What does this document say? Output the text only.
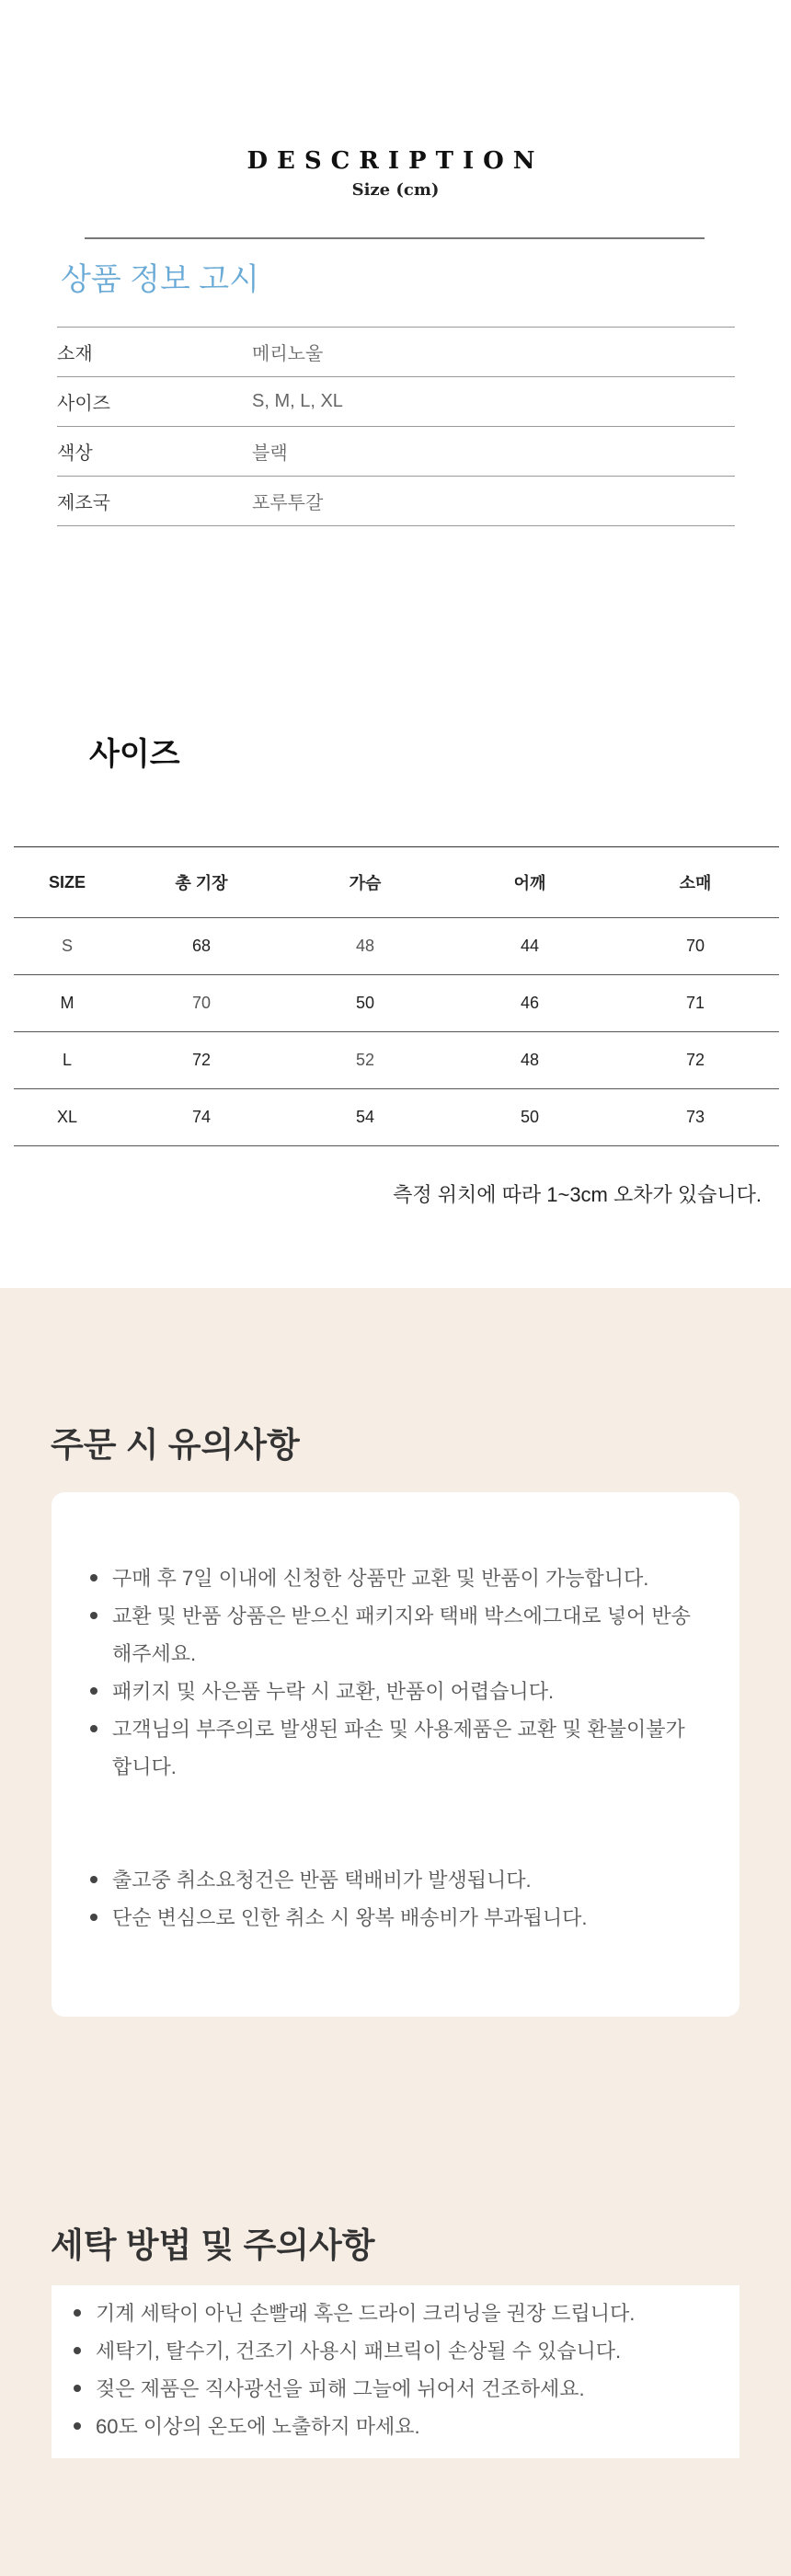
DESCRIPTION
Size (cm)
상품 정보 고시
소재	메리노울
사이즈	S, M, L, XL
색상	블랙
제조국	포루투갈
사이즈
SIZE	총 기장	가슴	어깨	소매
S	68	48	44	70
M	70	50	46	71
L	72	52	48	72
XL	74	54	50	73
측정 위치에 따라 1~3cm 오차가 있습니다.
주문 시 유의사항
구매 후 7일 이내에 신청한 상품만 교환 및 반품이 가능합니다.
교환 및 반품 상품은 받으신 패키지와 택배 박스에그대로 넣어 반송해주세요.
패키지 및 사은품 누락 시 교환, 반품이 어렵습니다.
고객님의 부주의로 발생된 파손 및 사용제품은 교환 및 환불이불가합니다.
출고중 취소요청건은 반품 택배비가 발생됩니다.
단순 변심으로 인한 취소 시 왕복 배송비가 부과됩니다.
세탁 방법 및 주의사항
기계 세탁이 아닌 손빨래 혹은 드라이 크리닝을 권장 드립니다.
세탁기, 탈수기, 건조기 사용시 패브릭이 손상될 수 있습니다.
젖은 제품은 직사광선을 피해 그늘에 뉘어서 건조하세요.
60도 이상의 온도에 노출하지 마세요.
